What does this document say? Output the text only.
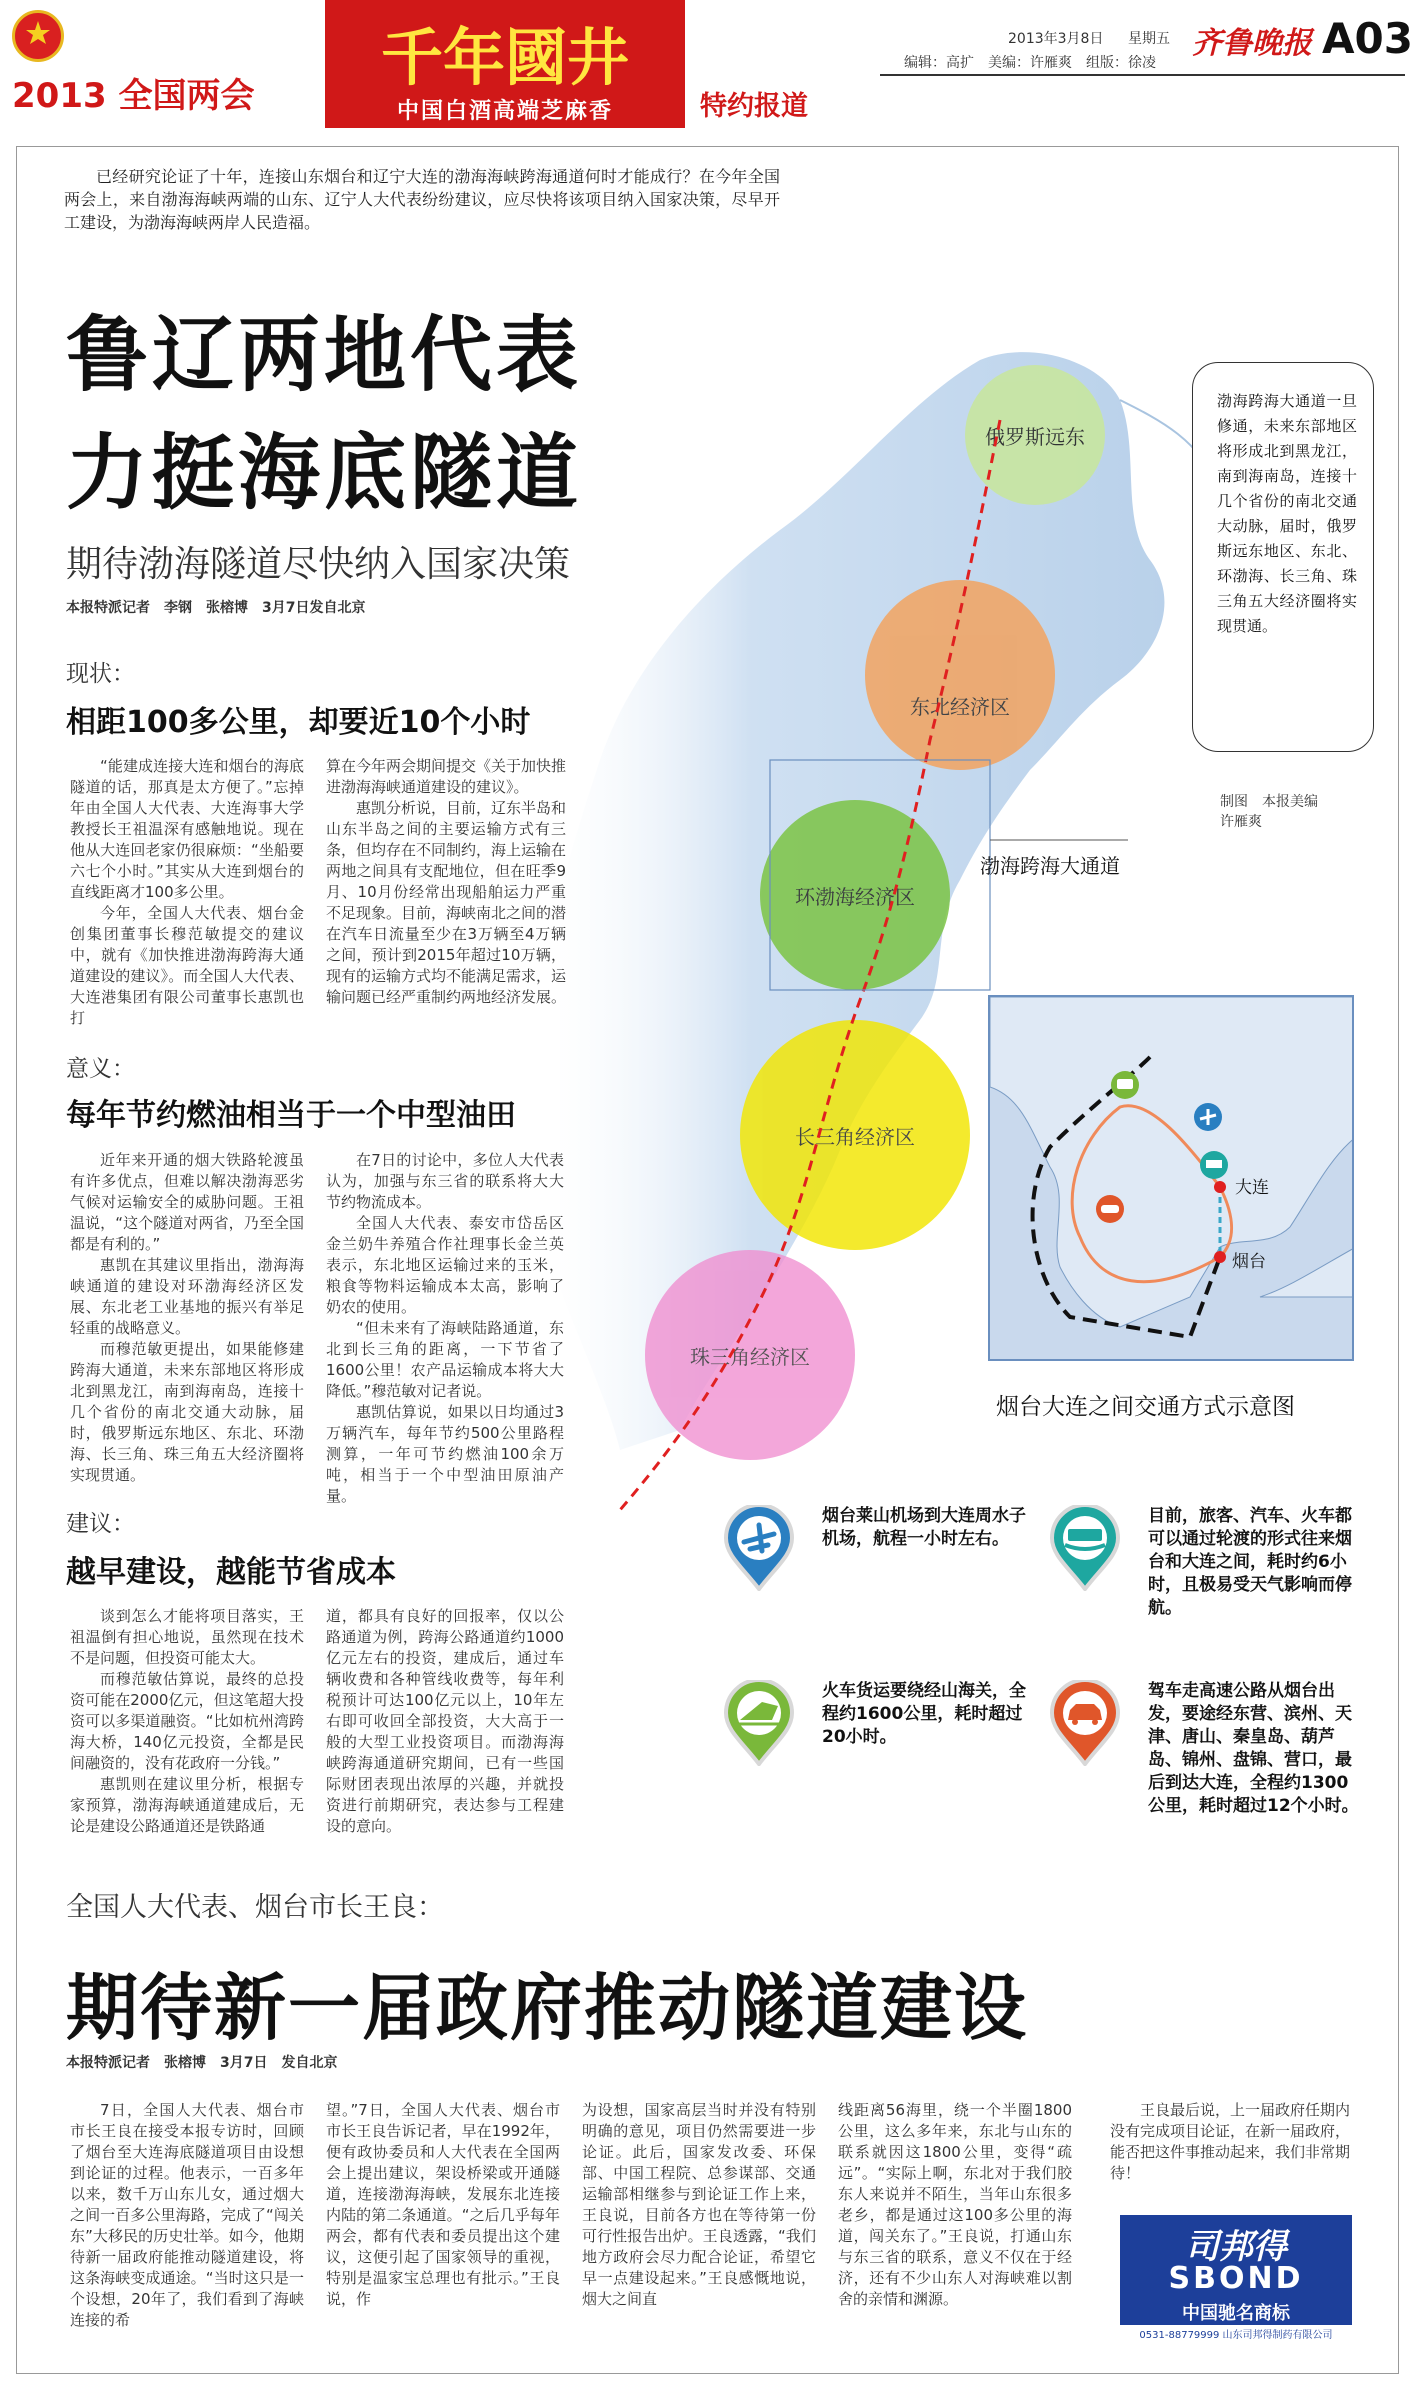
2013 全国两会
千年國井
中国白酒高端芝麻香	特约报道
2013年3月8日 星期五 齐鲁晚报 A03
编辑：高扩　美编：许雁爽　组版：徐凌
俄罗斯远东
东北经济区
环渤海经济区
长三角经济区
珠三角经济区
渤海跨海大通道
渤海跨海大通道一旦修通，未来东部地区将形成北到黑龙江，南到海南岛，连接十几个省份的南北交通大动脉，届时，俄罗斯远东地区、东北、环渤海、长三角、珠三角五大经济圈将实现贯通。
制图　本报美编　许雁爽
大连
烟台
烟台大连之间交通方式示意图

已经研究论证了十年，连接山东烟台和辽宁大连的渤海海峡跨海通道何时才能成行？在今年全国两会上，来自渤海海峡两端的山东、辽宁人大代表纷纷建议，应尽快将该项目纳入国家决策，尽早开工建设，为渤海海峡两岸人民造福。

鲁辽两地代表
力挺海底隧道
期待渤海隧道尽快纳入国家决策
本报特派记者　李钢　张榕博　3月7日发自北京
现状：
相距100多公里，却要近10个小时

“能建成连接大连和烟台的海底隧道的话，那真是太方便了。”忘掉年由全国人大代表、大连海事大学教授长王祖温深有感触地说。现在他从大连回老家仍很麻烦：“坐船要六七个小时。”其实从大连到烟台的直线距离才100多公里。

今年，全国人大代表、烟台金创集团董事长穆范敏提交的建议中，就有《加快推进渤海跨海大通道建设的建议》。而全国人大代表、大连港集团有限公司董事长惠凯也打

算在今年两会期间提交《关于加快推进渤海海峡通道建设的建议》。

惠凯分析说，目前，辽东半岛和山东半岛之间的主要运输方式有三条，但均存在不同制约，海上运输在两地之间具有支配地位，但在旺季9月、10月份经常出现船舶运力严重不足现象。目前，海峡南北之间的潜在汽车日流量至少在3万辆至4万辆之间，预计到2015年超过10万辆，现有的运输方式均不能满足需求，运输问题已经严重制约两地经济发展。

意义：
每年节约燃油相当于一个中型油田

近年来开通的烟大铁路轮渡虽有许多优点，但难以解决渤海恶劣气候对运输安全的威胁问题。王祖温说，“这个隧道对两省，乃至全国都是有利的。”

惠凯在其建议里指出，渤海海峡通道的建设对环渤海经济区发展、东北老工业基地的振兴有举足轻重的战略意义。

而穆范敏更提出，如果能修建跨海大通道，未来东部地区将形成北到黑龙江，南到海南岛，连接十几个省份的南北交通大动脉，届时，俄罗斯远东地区、东北、环渤海、长三角、珠三角五大经济圈将实现贯通。

在7日的讨论中，多位人大代表认为，加强与东三省的联系将大大节约物流成本。

全国人大代表、泰安市岱岳区金兰奶牛养殖合作社理事长金兰英表示，东北地区运输过来的玉米，粮食等物料运输成本太高，影响了奶农的使用。

“但未来有了海峡陆路通道，东北到长三角的距离，一下节省了1600公里！农产品运输成本将大大降低。”穆范敏对记者说。

惠凯估算说，如果以日均通过3万辆汽车，每年节约500公里路程测算，一年可节约燃油100余万吨，相当于一个中型油田原油产量。

建议：
越早建设，越能节省成本

谈到怎么才能将项目落实，王祖温倒有担心地说，虽然现在技术不是问题，但投资可能太大。

而穆范敏估算说，最终的总投资可能在2000亿元，但这笔超大投资可以多渠道融资。“比如杭州湾跨海大桥，140亿元投资，全都是民间融资的，没有花政府一分钱。”

惠凯则在建议里分析，根据专家预算，渤海海峡通道建成后，无论是建设公路通道还是铁路通

道，都具有良好的回报率，仅以公路通道为例，跨海公路通道约1000亿元左右的投资，建成后，通过车辆收费和各种管线收费等，每年利税预计可达100亿元以上，10年左右即可收回全部投资，大大高于一般的大型工业投资项目。而渤海海峡跨海通道研究期间，已有一些国际财团表现出浓厚的兴趣，并就投资进行前期研究，表达参与工程建设的意向。

烟台莱山机场到大连周水子机场，航程一小时左右。
目前，旅客、汽车、火车都可以通过轮渡的形式往来烟台和大连之间，耗时约6小时，且极易受天气影响而停航。
火车货运要绕经山海关，全程约1600公里，耗时超过20小时。
驾车走高速公路从烟台出发，要途经东营、滨州、天津、唐山、秦皇岛、葫芦岛、锦州、盘锦、营口，最后到达大连，全程约1300公里，耗时超过12个小时。
全国人大代表、烟台市长王良：
期待新一届政府推动隧道建设
本报特派记者　张榕博　3月7日　发自北京

7日，全国人大代表、烟台市市长王良在接受本报专访时，回顾了烟台至大连海底隧道项目由设想到论证的过程。他表示，一百多年以来，数千万山东儿女，通过烟大之间一百多公里海路，完成了“闯关东”大移民的历史壮举。如今，他期待新一届政府能推动隧道建设，将这条海峡变成通途。“当时这只是一个设想，20年了，我们看到了海峡连接的希

望。”7日，全国人大代表、烟台市市长王良告诉记者，早在1992年，便有政协委员和人大代表在全国两会上提出建议，架设桥梁或开通隧道，连接渤海海峡，发展东北连接内陆的第二条通道。“之后几乎每年两会，都有代表和委员提出这个建议，这便引起了国家领导的重视，特别是温家宝总理也有批示。”王良说，作

为设想，国家高层当时并没有特别明确的意见，项目仍然需要进一步论证。此后，国家发改委、环保部、中国工程院、总参谋部、交通运输部相继参与到论证工作上来，王良说，目前各方也在等待第一份可行性报告出炉。王良透露，“我们地方政府会尽力配合论证，希望它早一点建设起来。”王良感慨地说，烟大之间直

线距离56海里，绕一个半圈1800公里，这么多年来，东北与山东的联系就因这1800公里，变得“疏远”。“实际上啊，东北对于我们胶东人来说并不陌生，当年山东很多老乡，都是通过这100多公里的海道，闯关东了。”王良说，打通山东与东三省的联系，意义不仅在于经济，还有不少山东人对海峡难以割舍的亲情和渊源。

王良最后说，上一届政府任期内没有完成项目论证，在新一届政府，能否把这件事推动起来，我们非常期待！

司邦得
SBOND
中国驰名商标
0531-88779999 山东司邦得制药有限公司
